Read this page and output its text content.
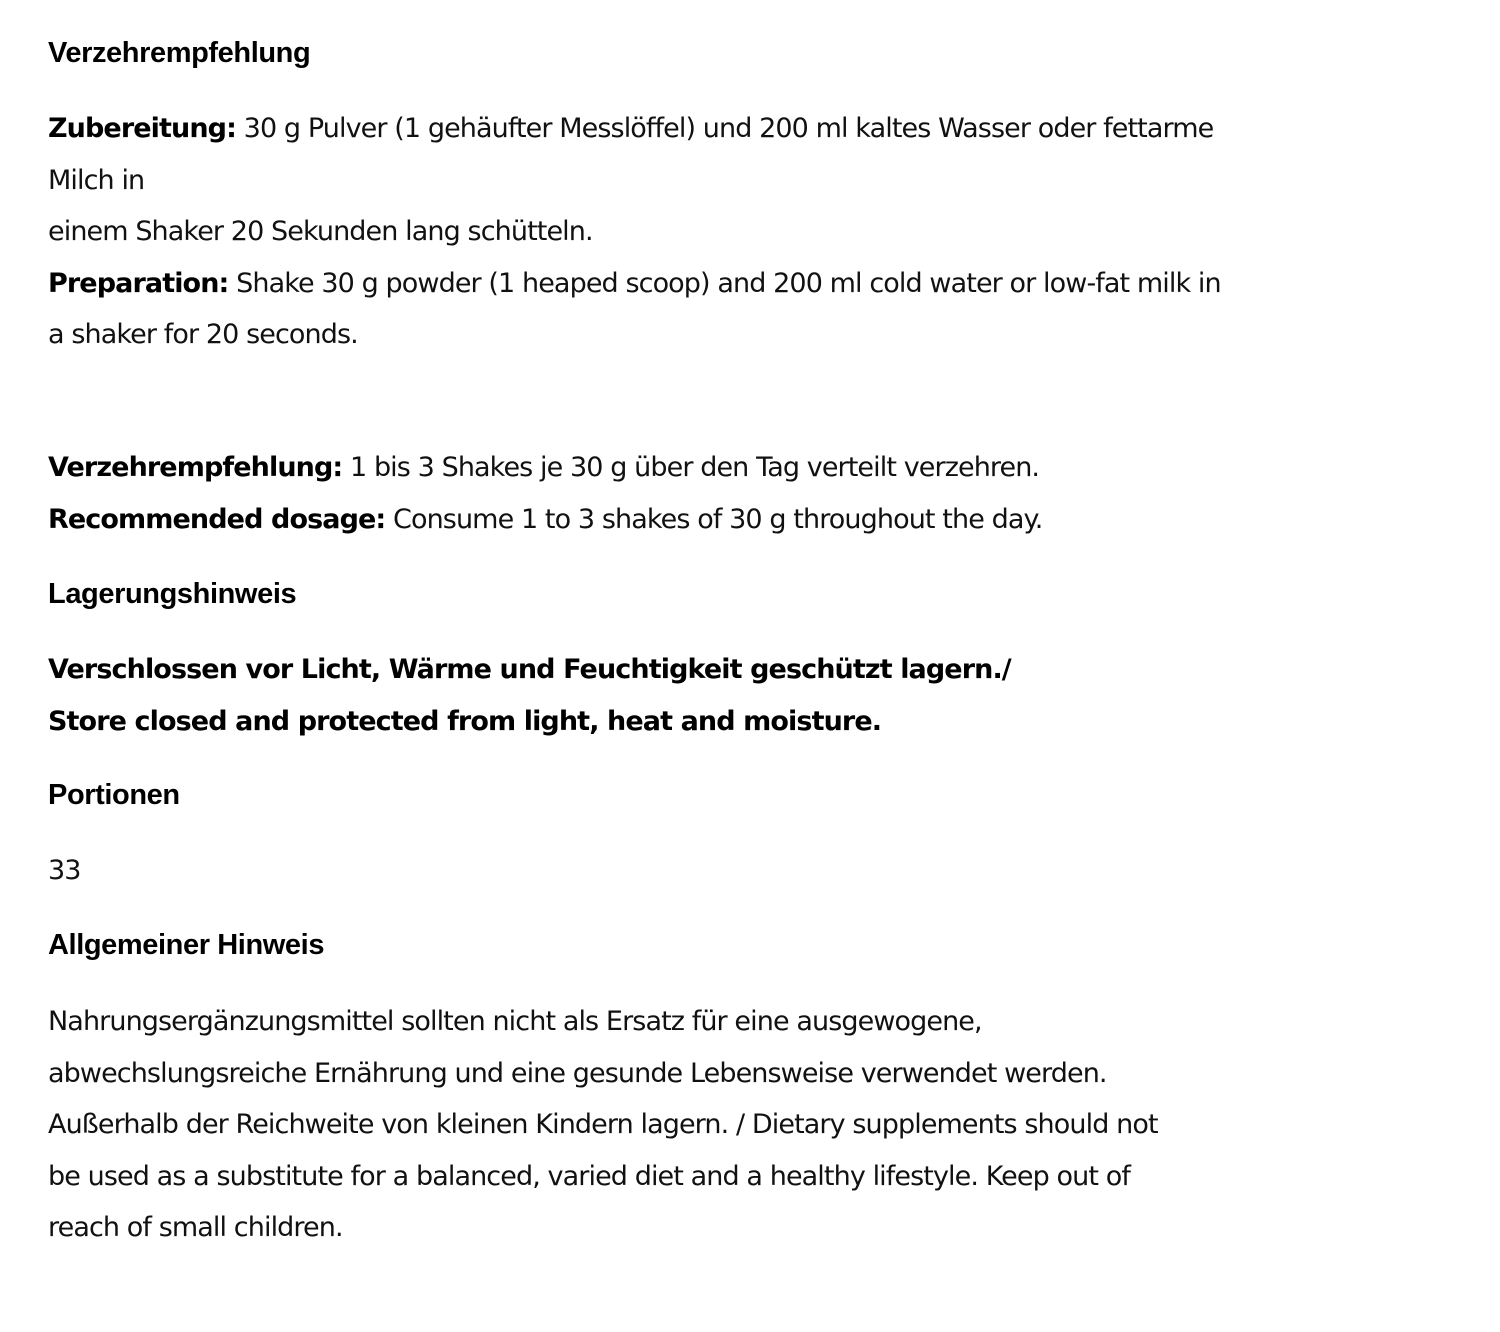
Verzehrempfehlung
Zubereitung: 30 g Pulver (1 gehäufter Messlöffel) und 200 ml kaltes Wasser oder fettarme
Milch in
einem Shaker 20 Sekunden lang schütteln.
Preparation: Shake 30 g powder (1 heaped scoop) and 200 ml cold water or low-fat milk in
a shaker for 20 seconds.
Verzehrempfehlung: 1 bis 3 Shakes je 30 g über den Tag verteilt verzehren.
Recommended dosage: Consume 1 to 3 shakes of 30 g throughout the day.
Lagerungshinweis
Verschlossen vor Licht, Wärme und Feuchtigkeit geschützt lagern./
Store closed and protected from light, heat and moisture.
Portionen
33
Allgemeiner Hinweis
Nahrungsergänzungsmittel sollten nicht als Ersatz für eine ausgewogene,
abwechslungsreiche Ernährung und eine gesunde Lebensweise verwendet werden.
Außerhalb der Reichweite von kleinen Kindern lagern. / Dietary supplements should not
be used as a substitute for a balanced, varied diet and a healthy lifestyle. Keep out of
reach of small children.
